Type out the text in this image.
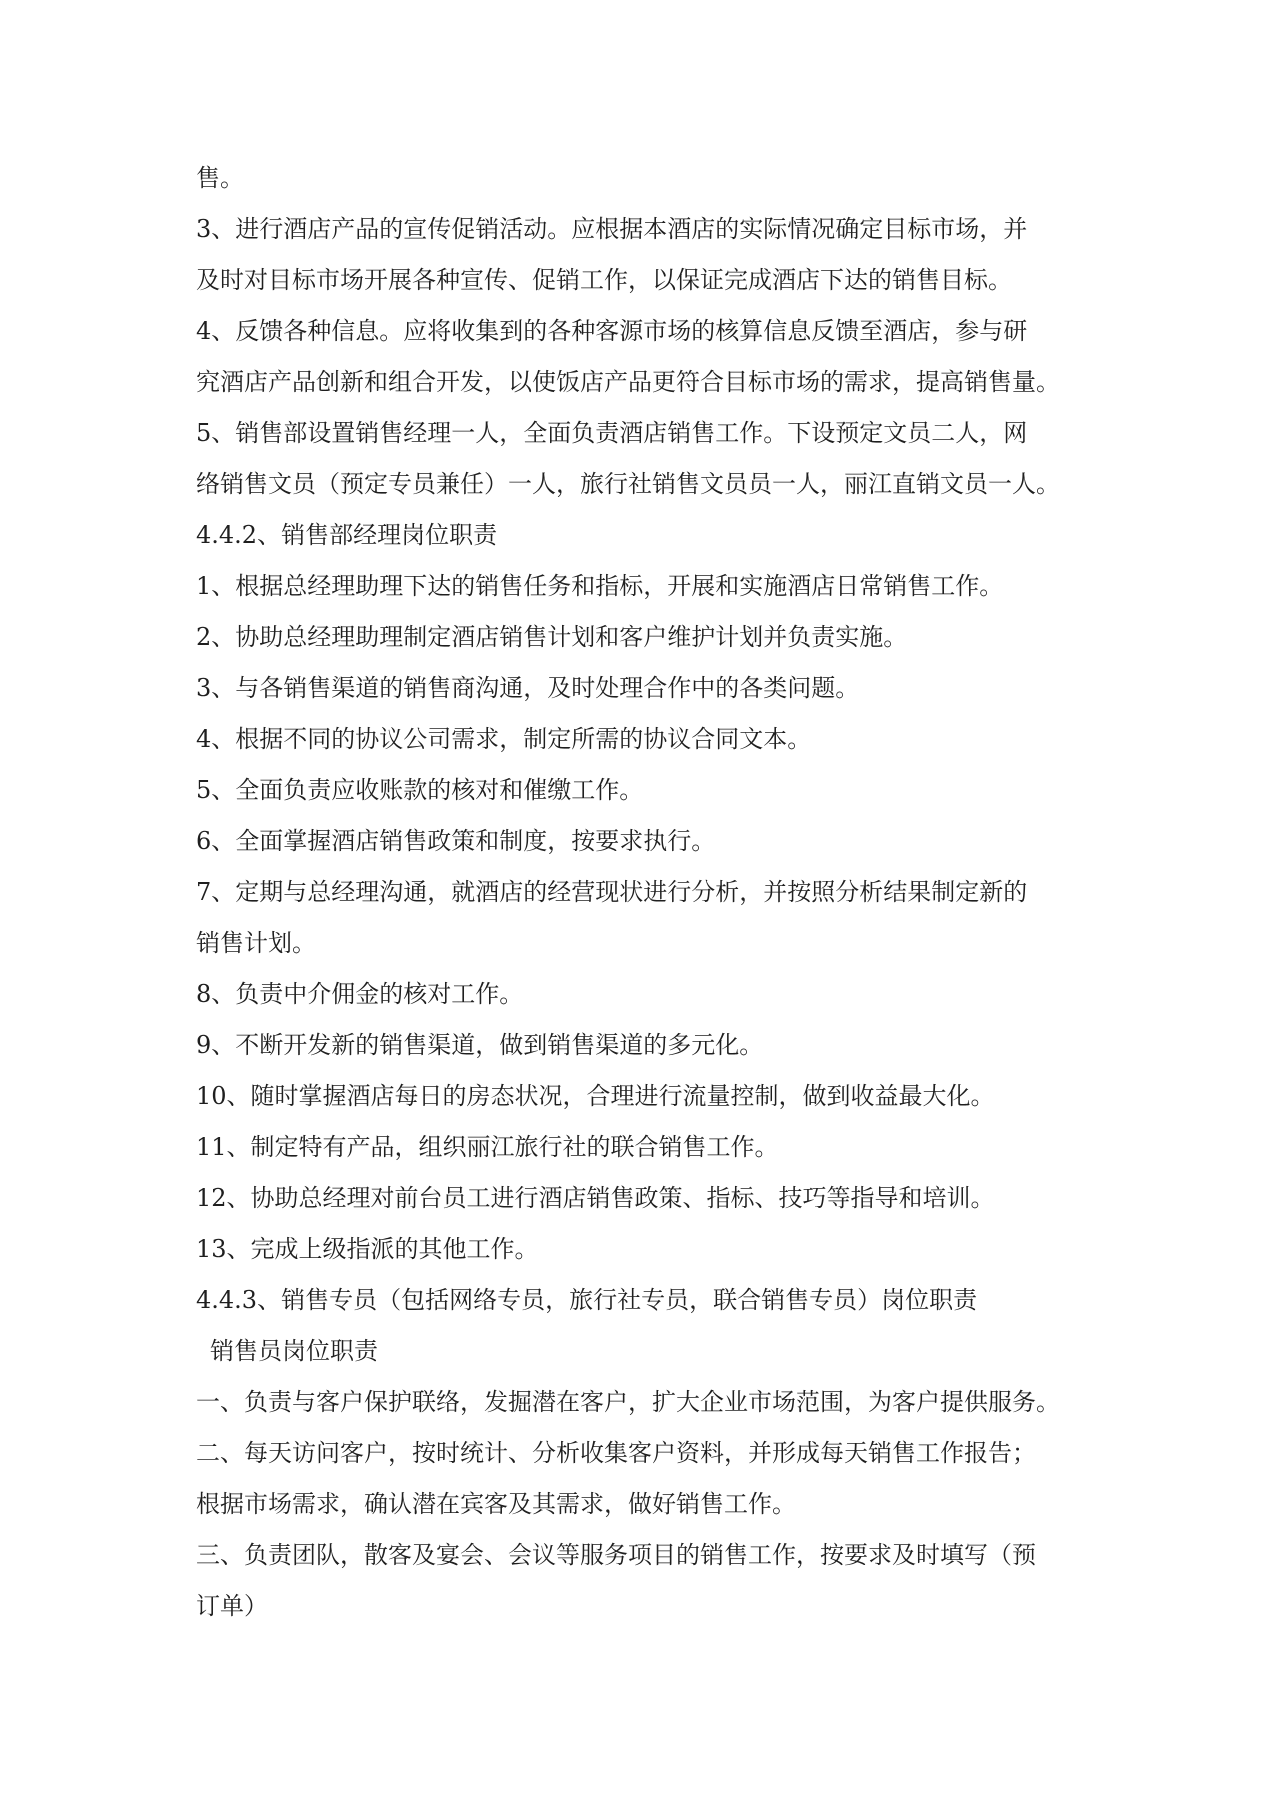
售。
3、进行酒店产品的宣传促销活动。应根据本酒店的实际情况确定目标市场，并
及时对目标市场开展各种宣传、促销工作，以保证完成酒店下达的销售目标。
4、反馈各种信息。应将收集到的各种客源市场的核算信息反馈至酒店，参与研
究酒店产品创新和组合开发，以使饭店产品更符合目标市场的需求，提高销售量。
5、销售部设置销售经理一人，全面负责酒店销售工作。下设预定文员二人，网
络销售文员（预定专员兼任）一人，旅行社销售文员员一人，丽江直销文员一人。
4.4.2、销售部经理岗位职责
1、根据总经理助理下达的销售任务和指标，开展和实施酒店日常销售工作。
2、协助总经理助理制定酒店销售计划和客户维护计划并负责实施。
3、与各销售渠道的销售商沟通，及时处理合作中的各类问题。
4、根据不同的协议公司需求，制定所需的协议合同文本。
5、全面负责应收账款的核对和催缴工作。
6、全面掌握酒店销售政策和制度，按要求执行。
7、定期与总经理沟通，就酒店的经营现状进行分析，并按照分析结果制定新的
销售计划。
8、负责中介佣金的核对工作。
9、不断开发新的销售渠道，做到销售渠道的多元化。
10、随时掌握酒店每日的房态状况，合理进行流量控制，做到收益最大化。
11、制定特有产品，组织丽江旅行社的联合销售工作。
12、协助总经理对前台员工进行酒店销售政策、指标、技巧等指导和培训。
13、完成上级指派的其他工作。
4.4.3、销售专员（包括网络专员，旅行社专员，联合销售专员）岗位职责
销售员岗位职责
一、负责与客户保护联络，发掘潜在客户，扩大企业市场范围，为客户提供服务。
二、每天访问客户，按时统计、分析收集客户资料，并形成每天销售工作报告；
根据市场需求，确认潜在宾客及其需求，做好销售工作。
三、负责团队，散客及宴会、会议等服务项目的销售工作，按要求及时填写（预
订单）
